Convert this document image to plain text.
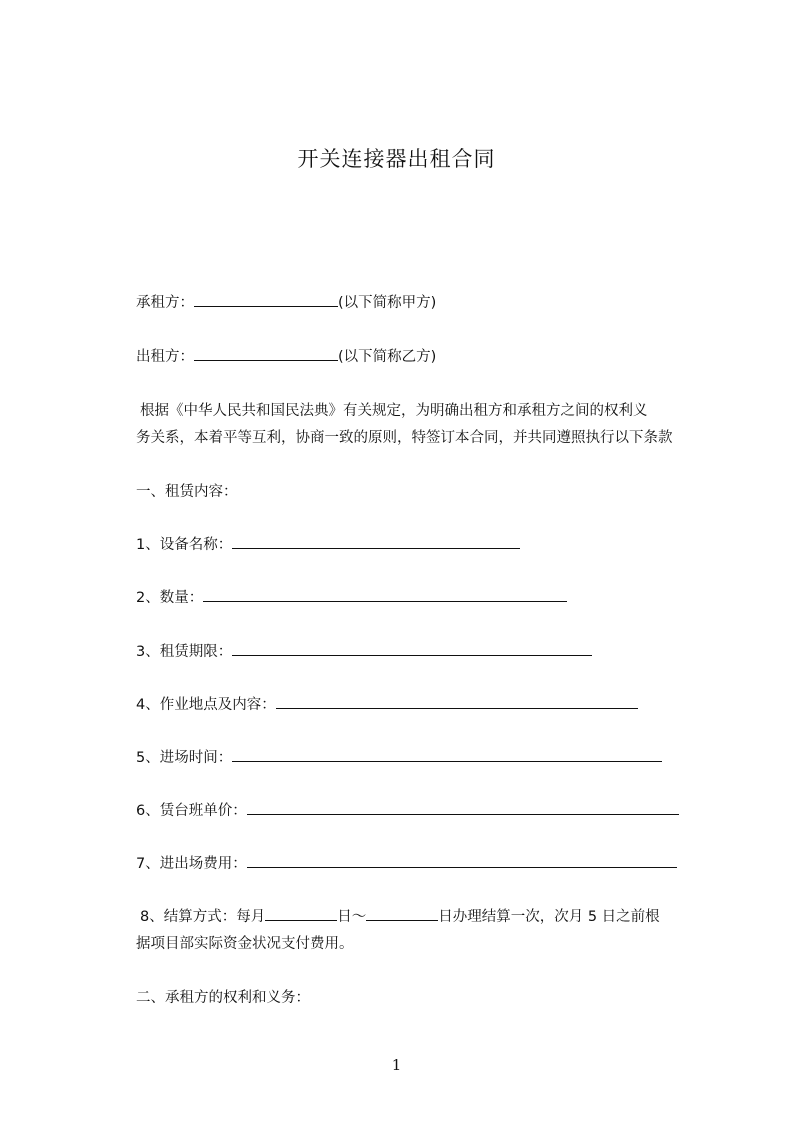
开关连接器出租合同
承租方：	(以下简称甲方)
出租方：	(以下简称乙方)
根据《中华人民共和国民法典》有关规定，为明确出租方和承租方之间的权利义
务关系，本着平等互利，协商一致的原则，特签订本合同，并共同遵照执行以下条款
一、租赁内容：
1、设备名称：
2、数量：
3、租赁期限：
4、作业地点及内容：
5、进场时间：
6、赁台班单价：
7、进出场费用：
8、结算方式：每月	日～	日办理结算一次，次月 5 日之前根
据项目部实际资金状况支付费用。
二、承租方的权利和义务：
1
